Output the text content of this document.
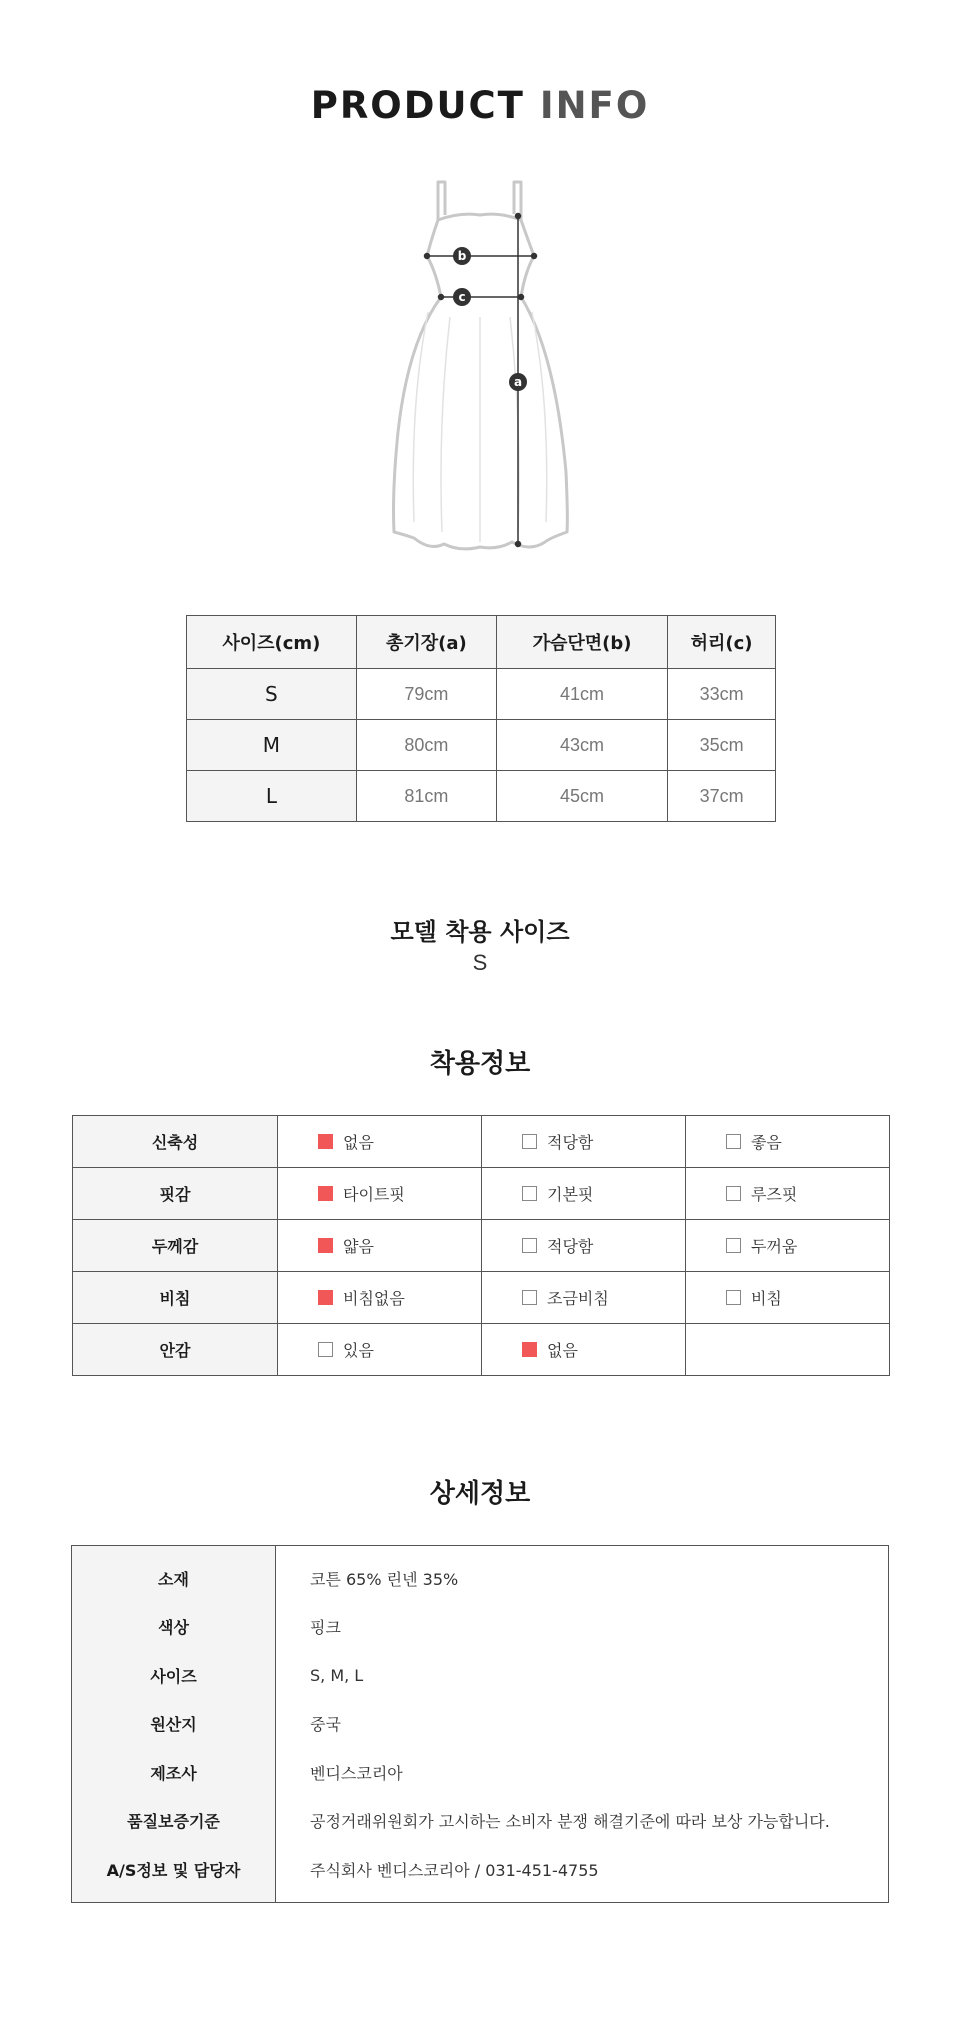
PRODUCT INFO
b
c
a
사이즈(cm)	총기장(a)	가슴단면(b)	허리(c)
S	79cm	41cm	33cm
M	80cm	43cm	35cm
L	81cm	45cm	37cm
모델 착용 사이즈
S
착용정보
신축성	없음	적당함	좋음
핏감	타이트핏	기본핏	루즈핏
두께감	얇음	적당함	두꺼움
비침	비침없음	조금비침	비침
안감	있음	없음	
상세정보
소재	코튼 65% 린넨 35%
색상	핑크
사이즈	S, M, L
원산지	중국
제조사	벤디스코리아
품질보증기준	공정거래위원회가 고시하는 소비자 분쟁 해결기준에 따라 보상 가능합니다.
A/S정보 및 담당자	주식회사 벤디스코리아 / 031-451-4755
